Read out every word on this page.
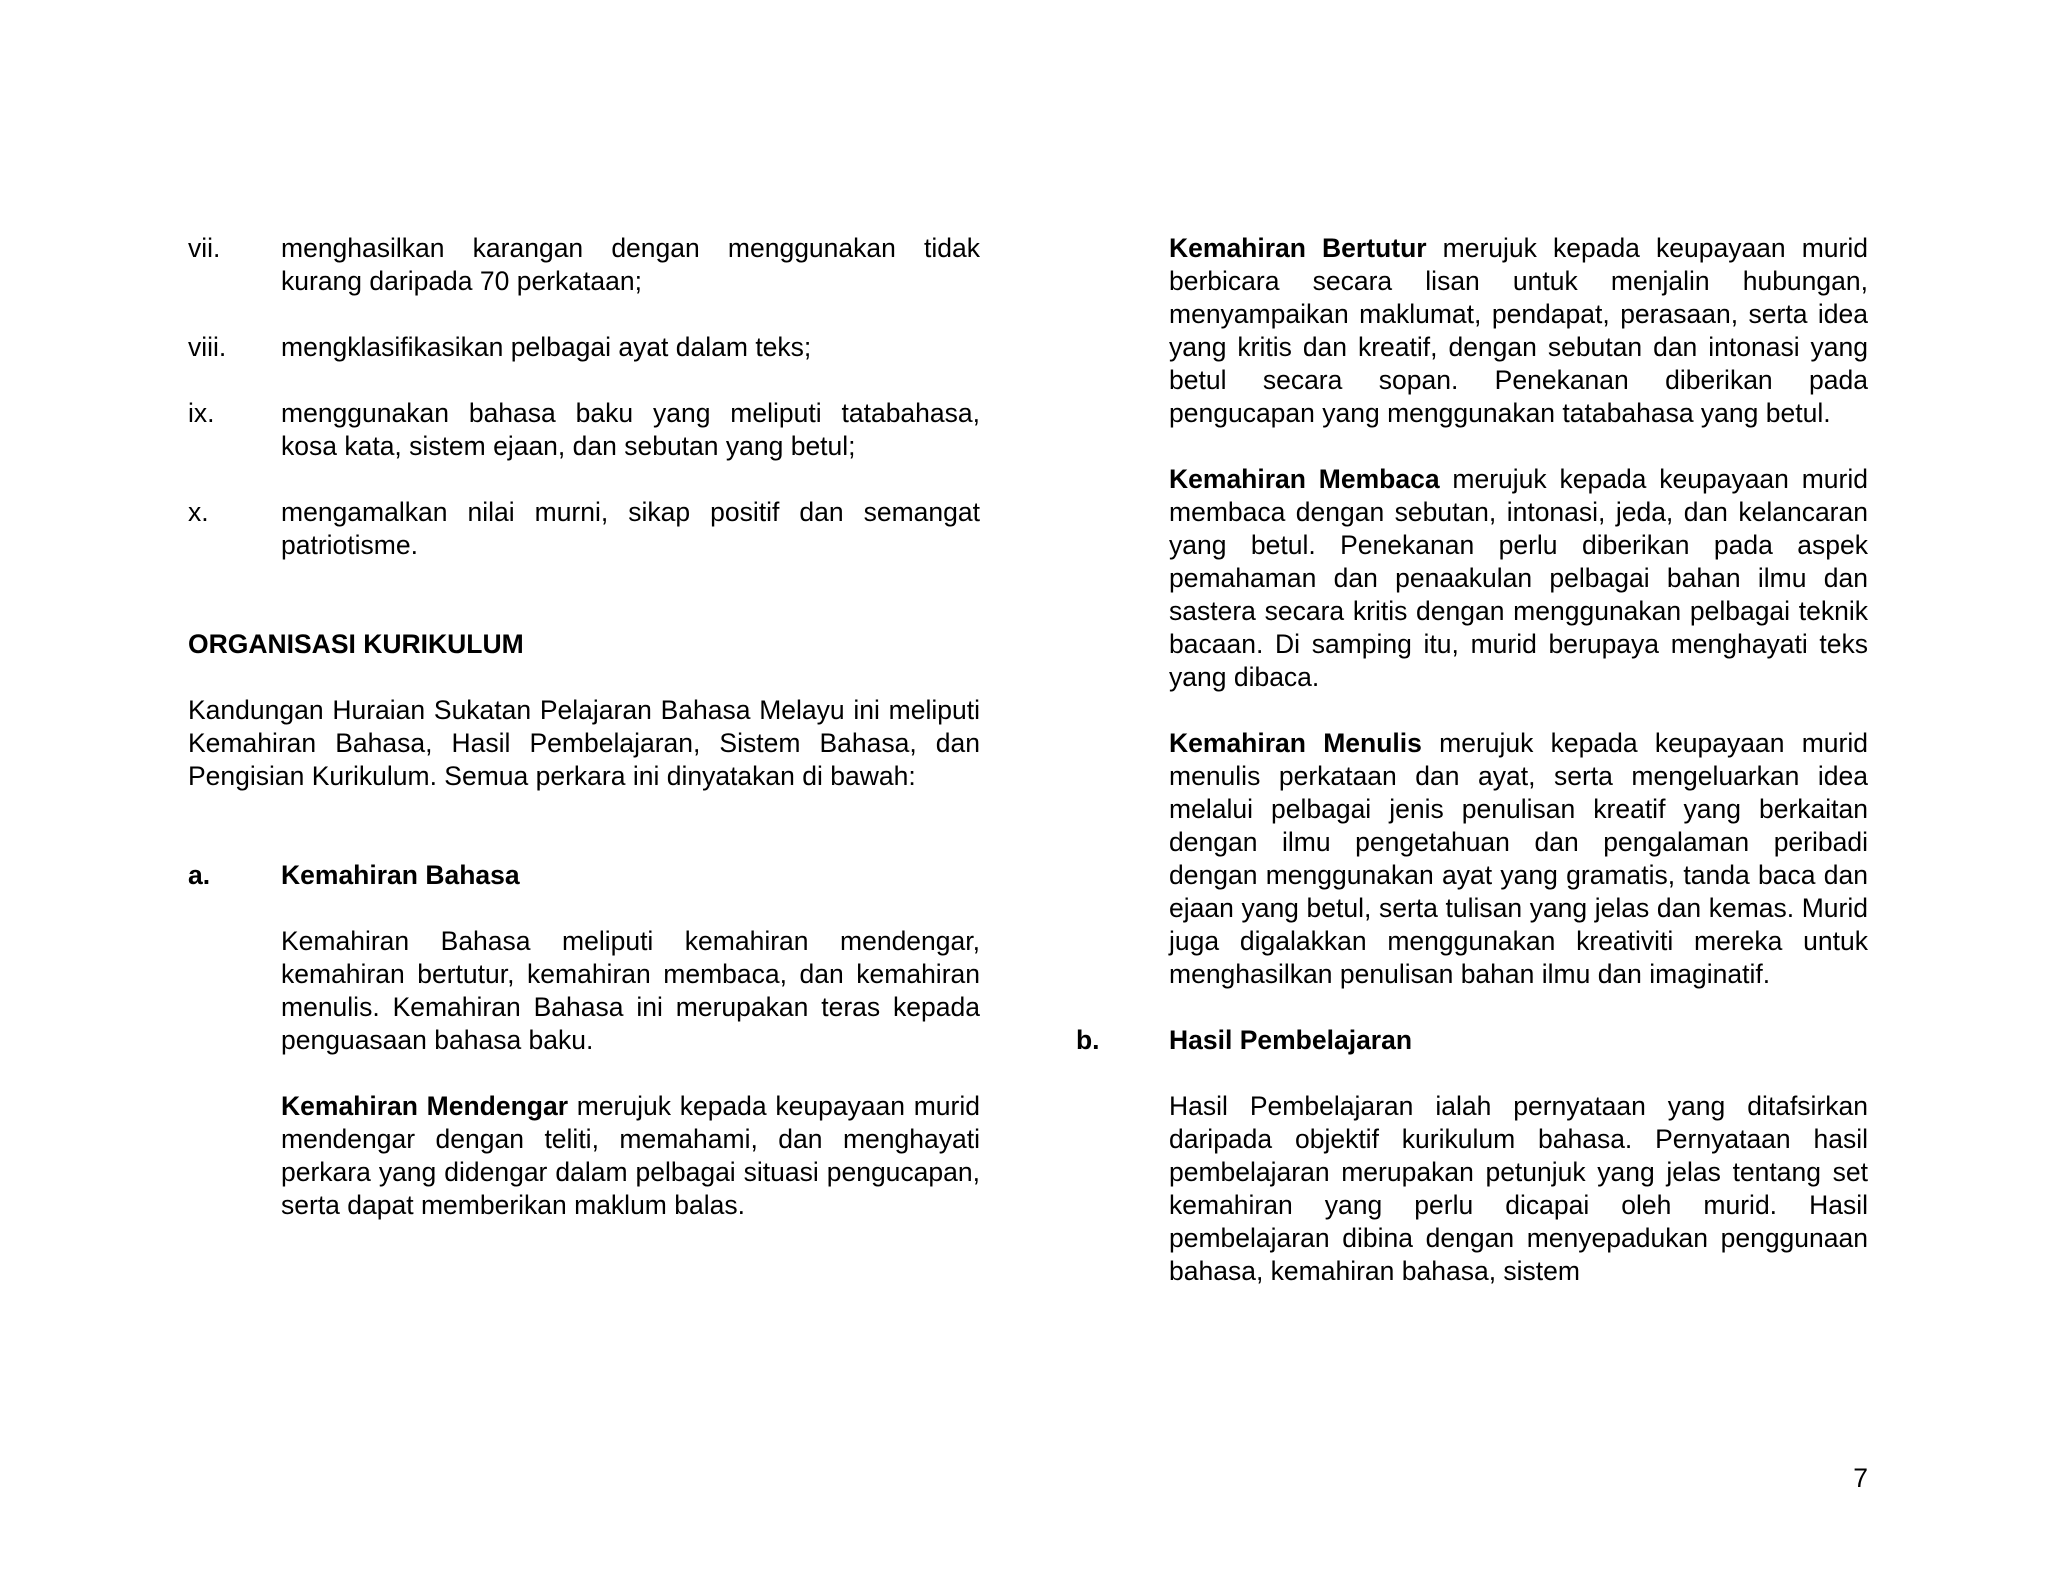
vii. menghasilkan karangan dengan menggunakan tidak kurang daripada 70 perkataan;
viii. mengklasifikasikan pelbagai ayat dalam teks;
ix.	menggunakan bahasa baku yang meliputi tatabahasa, kosa kata, sistem ejaan, dan sebutan yang betul;
x.	mengamalkan nilai murni, sikap positif dan semangat patriotisme.
ORGANISASI KURIKULUM
Kandungan Huraian Sukatan Pelajaran Bahasa Melayu ini meliputi Kemahiran Bahasa, Hasil Pembelajaran, Sistem Bahasa, dan Pengisian Kurikulum. Semua perkara ini dinyatakan di bawah:
a.	Kemahiran Bahasa
Kemahiran Bahasa meliputi kemahiran mendengar, kemahiran bertutur, kemahiran membaca, dan kemahiran menulis. Kemahiran Bahasa ini merupakan teras kepada penguasaan bahasa baku.
Kemahiran Mendengar merujuk kepada keupayaan murid mendengar dengan teliti, memahami, dan menghayati perkara yang didengar dalam pelbagai situasi pengucapan, serta dapat memberikan maklum balas.
Kemahiran Bertutur merujuk kepada keupayaan murid berbicara secara lisan untuk menjalin hubungan, menyampaikan maklumat, pendapat, perasaan, serta idea yang kritis dan kreatif, dengan sebutan dan intonasi yang betul secara sopan. Penekanan diberikan pada pengucapan yang menggunakan tatabahasa yang betul.
Kemahiran Membaca merujuk kepada keupayaan murid membaca dengan sebutan, intonasi, jeda, dan kelancaran yang betul. Penekanan perlu diberikan pada aspek pemahaman dan penaakulan pelbagai bahan ilmu dan sastera secara kritis dengan menggunakan pelbagai teknik bacaan. Di samping itu, murid berupaya menghayati teks yang dibaca.
Kemahiran Menulis merujuk kepada keupayaan murid menulis perkataan dan ayat, serta mengeluarkan idea melalui pelbagai jenis penulisan kreatif yang berkaitan dengan ilmu pengetahuan dan pengalaman peribadi dengan menggunakan ayat yang gramatis, tanda baca dan ejaan yang betul, serta tulisan yang jelas dan kemas. Murid juga digalakkan menggunakan kreativiti mereka untuk menghasilkan penulisan bahan ilmu dan imaginatif.
b.	Hasil Pembelajaran
Hasil Pembelajaran ialah pernyataan yang ditafsirkan daripada objektif kurikulum bahasa. Pernyataan hasil pembelajaran merupakan petunjuk yang jelas tentang set kemahiran yang perlu dicapai oleh murid. Hasil pembelajaran dibina dengan menyepadukan penggunaan bahasa, kemahiran bahasa, sistem
7
